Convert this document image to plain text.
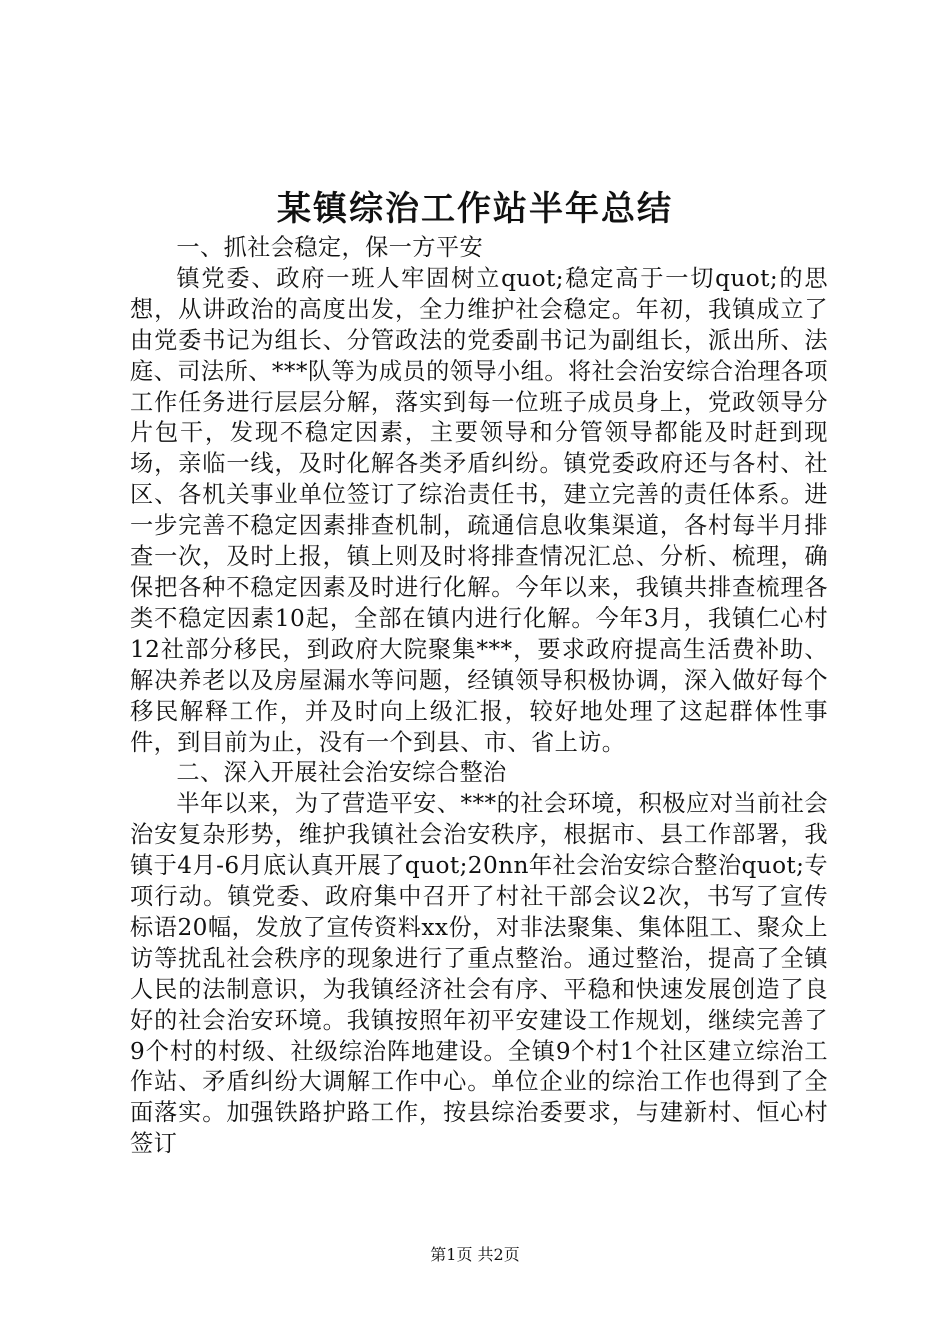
某镇综治工作站半年总结

一、抓社会稳定，保一方平安

镇党委、政府一班人牢固树立quot;稳定高于一切quot;的思想，从讲政治的高度出发，全力维护社会稳定。年初，我镇成立了由党委书记为组长、分管政法的党委副书记为副组长，派出所、法庭、司法所、***队等为成员的领导小组。将社会治安综合治理各项工作任务进行层层分解，落实到每一位班子成员身上，党政领导分片包干，发现不稳定因素，主要领导和分管领导都能及时赶到现场，亲临一线，及时化解各类矛盾纠纷。镇党委政府还与各村、社区、各机关事业单位签订了综治责任书，建立完善的责任体系。进一步完善不稳定因素排查机制，疏通信息收集渠道，各村每半月排查一次，及时上报，镇上则及时将排查情况汇总、分析、梳理，确保把各种不稳定因素及时进行化解。今年以来，我镇共排查梳理各类不稳定因素10起，全部在镇内进行化解。今年3月，我镇仁心村12社部分移民，到政府大院聚集***，要求政府提高生活费补助、解决养老以及房屋漏水等问题，经镇领导积极协调，深入做好每个移民解释工作，并及时向上级汇报，较好地处理了这起群体性事件，到目前为止，没有一个到县、市、省上访。

二、深入开展社会治安综合整治

半年以来，为了营造平安、***的社会环境，积极应对当前社会治安复杂形势，维护我镇社会治安秩序，根据市、县工作部署，我镇于4月-6月底认真开展了quot;20nn年社会治安综合整治quot;专项行动。镇党委、政府集中召开了村社干部会议2次，书写了宣传标语20幅，发放了宣传资料xx份，对非法聚集、集体阻工、聚众上访等扰乱社会秩序的现象进行了重点整治。通过整治，提高了全镇人民的法制意识，为我镇经济社会有序、平稳和快速发展创造了良好的社会治安环境。我镇按照年初平安建设工作规划，继续完善了9个村的村级、社级综治阵地建设。全镇9个村1个社区建立综治工作站、矛盾纠纷大调解工作中心。单位企业的综治工作也得到了全面落实。加强铁路护路工作，按县综治委要求，与建新村、恒心村签订

第1页 共2页
